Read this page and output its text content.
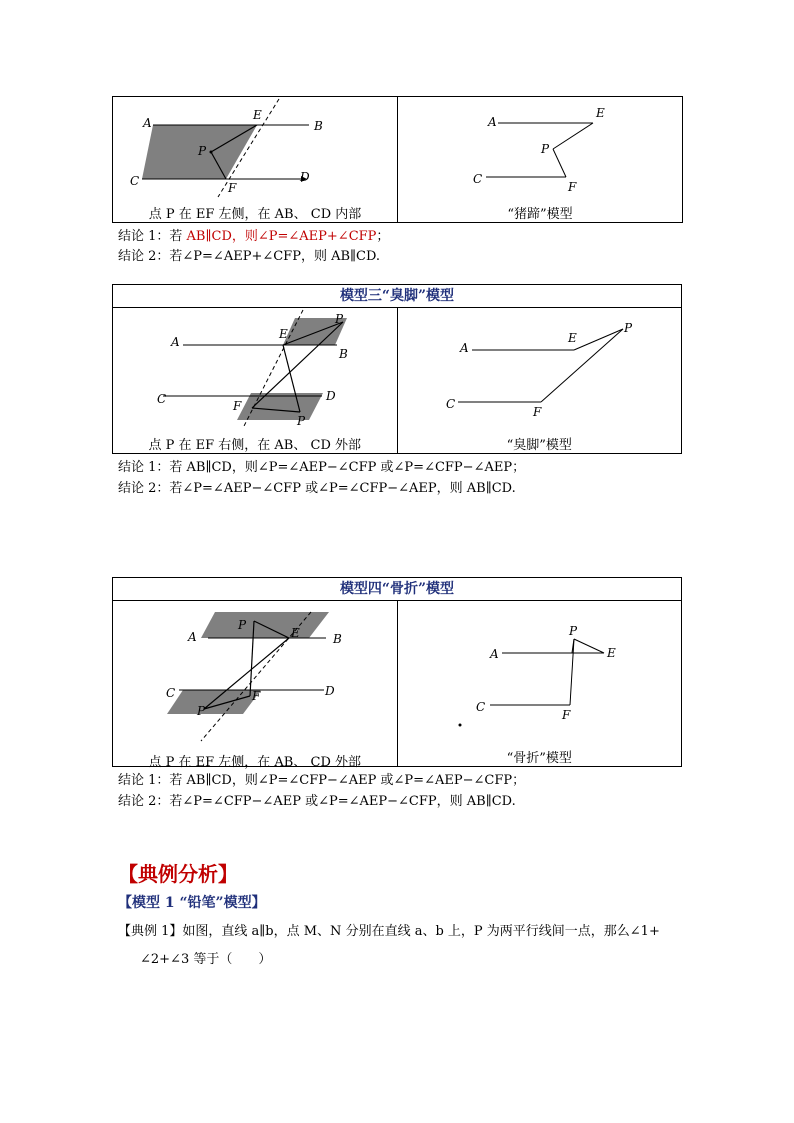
A
E
B
P
C	F
D
点 P 在 EF 左侧，在 AB、 CD 内部

A
E
P
C
F
“猪蹄”模型
结论 1：若 AB∥CD，则∠P=∠AEP+∠CFP；
结论 2：若∠P=∠AEP+∠CFP，则 AB∥CD.
模型三“臭脚”模型

E
P
A
B
C	D
F
P
点 P 在 EF 右侧，在 AB、 CD 外部

A
E
P
C
F
“臭脚”模型
结论 1：若 AB∥CD，则∠P=∠AEP−∠CFP 或∠P=∠CFP−∠AEP；
结论 2：若∠P=∠AEP−∠CFP 或∠P=∠CFP−∠AEP，则 AB∥CD.
模型四“骨折”模型

P
A	E	B
C	F	D
P
点 P 在 EF 左侧，在 AB、 CD 外部

P
A	E
C
F
“骨折”模型
结论 1：若 AB∥CD，则∠P=∠CFP−∠AEP 或∠P=∠AEP−∠CFP；
结论 2：若∠P=∠CFP−∠AEP 或∠P=∠AEP−∠CFP，则 AB∥CD.
【典例分析】
【模型 1 “铅笔”模型】
【典例 1】如图，直线 a∥b，点 M、N 分别在直线 a、b 上，P 为两平行线间一点，那么∠1+
∠2+∠3 等于（　　）
